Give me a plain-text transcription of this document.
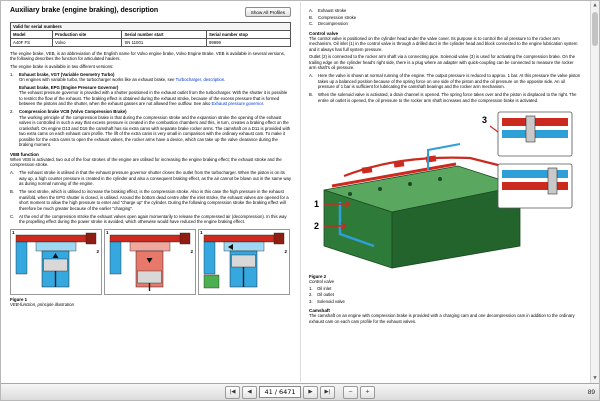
Auxiliary brake (engine braking), description	Show All Profiles
Valid for serial numbers			
Model	Production site	Serial number start	Serial number stop
A40F FS	Volvo	SN 11001	99999

The engine brake, VEB, is an abbreviation of the English name for Volvo engine brake, Volvo Engine Brake. VEB is available in several versions, the following describes the function for articulated haulers.

The engine brake is available in two different versions:

1.	Exhaust brake, VGT (Variable Geometry Turbo)
On engines with variable turbo, the turbocharger works like an exhaust brake, see Turbocharger, description.
Exhaust brake, EPG (Engine Pressure Governor)
The exhaust pressure governor is provided with a shutter positioned in the exhaust outlet from the turbocharger. With the shutter it is possible to restrict the flow of the exhaust. The braking effect is obtained during the exhaust stroke, because of the excess pressure that is formed between the pistons and the shutter, when the exhaust gasses are not allowed free outflow. See also Exhaust pressure governor.
2.	Compression brake VCB (Volvo Compression Brake)
The working principle of the compression brake is that during the compression stroke and the expansion stroke the opening of the exhaust valves is controlled in such a way that excess pressure is created in the combustion chambers and this, in turn, creates a braking effect on the crankshaft. On engine D13 and D16 the camshaft has six extra cams with separate brake rocker arms. The camshaft on a D11 is provided with two extra cams on each exhaust cam profile. The lift of the extra cams is very small in comparison with the ordinary exhaust cam. To make it possible for the extra cams to open the exhaust valves, the rocker arms have a device, which can take up the valve clearance during the braking moment.
VEB function

When VEB is activated, two out of the four strokes of the engine are utilised for increasing the engine braking effect; the exhaust stroke and the compression stroke.

A.	The exhaust stroke is utilised in that the exhaust pressure governor shutter closes the outlet from the turbocharger. When the piston is on its way up, a high counter pressure is created in the cylinder and also a consequent braking effect, as the air cannot be blown out in the same way as during normal running of the engine.
B.	The next stroke, which is utilised to increase the braking effect, is the compression stroke. Also in this case the high pressure in the exhaust manifold, when the EPG shutter is closed, is utilised. Around the bottom dead centre after the inlet stroke, the exhaust valves are opened for a short moment to allow the high pressure to enter and "charge up" the cylinder. During the following compression stroke the braking effect will therefore be much greater because of the earlier "charging".
C.	At the end of the compression stroke the exhaust valves open again momentarily to release the compressed air (decompression). In this way the propelling effect during the power stroke is avoided, which otherwise would have reduced the engine braking effect.
1
2
1
2
1
2
Figure 1
VEB-function, principle illustration
A.	Exhaust stroke
B.	Compression stroke
C.	Decompression
Control valve

The control valve is positioned on the cylinder head under the valve cover. Its purpose is to control the oil pressure to the rocker arm mechanism. Oil inlet (1) in the control valve is through a drilled duct in the cylinder head and block connected to the engine lubrication system and it always has full system pressure.

Outlet (2) is connected to the rocker arm shaft via a connecting pipe. Solenoid valve (3) is used for activating the compression brake. On the trailing edge on the cylinder head's right side, there is a plug where an adapter with quick-coupling can be connected to measure the rocker arm shaft's oil pressure.

A.	Here the valve is shown at normal running of the engine. The output pressure is reduced to approx. 1 bar. At this pressure the valve piston takes up a balanced position because of the spring force on one side of the piston and the oil pressure on the opposite side. An oil pressure of 1 bar is sufficient for lubricating the camshaft bearings and the rocker arm mechanism.
B.	When the solenoid valve is activated, a drain channel is opened. The spring force takes over and the piston is displaced to the right. The entire oil outlet is opened, the oil pressure to the rocker arm shaft increases and the compression brake is activated.
1
2
3
Figure 2
Control valve
1.	Oil inlet
2.	Oil outlet
3.	Solenoid valve
Camshaft

The camshaft on an engine with compression brake is provided with a charging cam and one decompression cam in addition to the ordinary exhaust cam on each cam profile for the exhaust valves.

▲
▼
|◀	◀	41 / 6471	▶	▶|	−	+	89
